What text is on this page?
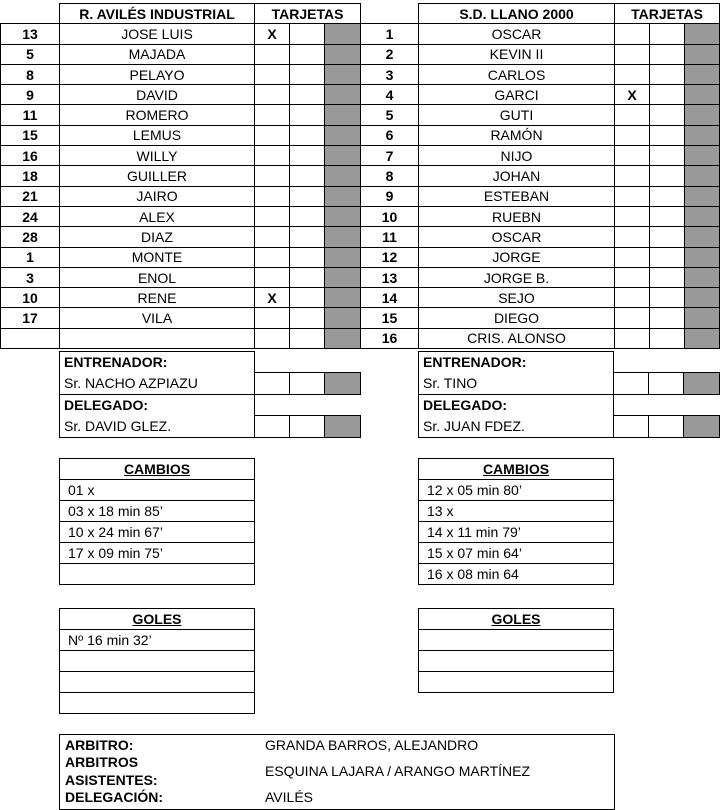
	R. AVILÉS INDUSTRIAL	TARJETAS		
13	JOSE LUIS	X		
5	MAJADA			
8	PELAYO			
9	DAVID			
11	ROMERO			
15	LEMUS			
16	WILLY			
18	GUILLER			
21	JAIRO			
24	ALEX			
28	DIAZ			
1	MONTE			
3	ENOL			
10	RENE	X		
17	VILA			

	S.D. LLANO 2000	TARJETAS		
1	OSCAR			
2	KEVIN II			
3	CARLOS			
4	GARCI	X		
5	GUTI			
6	RAMÓN			
7	NIJO			
8	JOHAN			
9	ESTEBAN			
10	RUEBN			
11	OSCAR			
12	JORGE			
13	JORGE B.			
14	SEJO			
15	DIEGO			
16	CRIS. ALONSO			
ENTRENADOR:			
Sr. NACHO AZPIAZU			
DELEGADO:			
Sr. DAVID GLEZ.			
ENTRENADOR:			
Sr. TINO			
DELEGADO:			
Sr. JUAN FDEZ.			
CAMBIOS
01 x
03 x 18 min 85’
10 x 24 min 67’
17 x 09 min 75’

CAMBIOS
12 x 05 min 80’
13 x
14 x 11 min 79’
15 x 07 min 64’
16 x 08 min 64
GOLES
Nº 16 min 32’

GOLES

ARBITRO:	GRANDA BARROS, ALEJANDRO
ARBITROS
ASISTENTES:
ESQUINA LAJARA / ARANGO MARTÍNEZ
DELEGACIÓN:	AVILÉS
